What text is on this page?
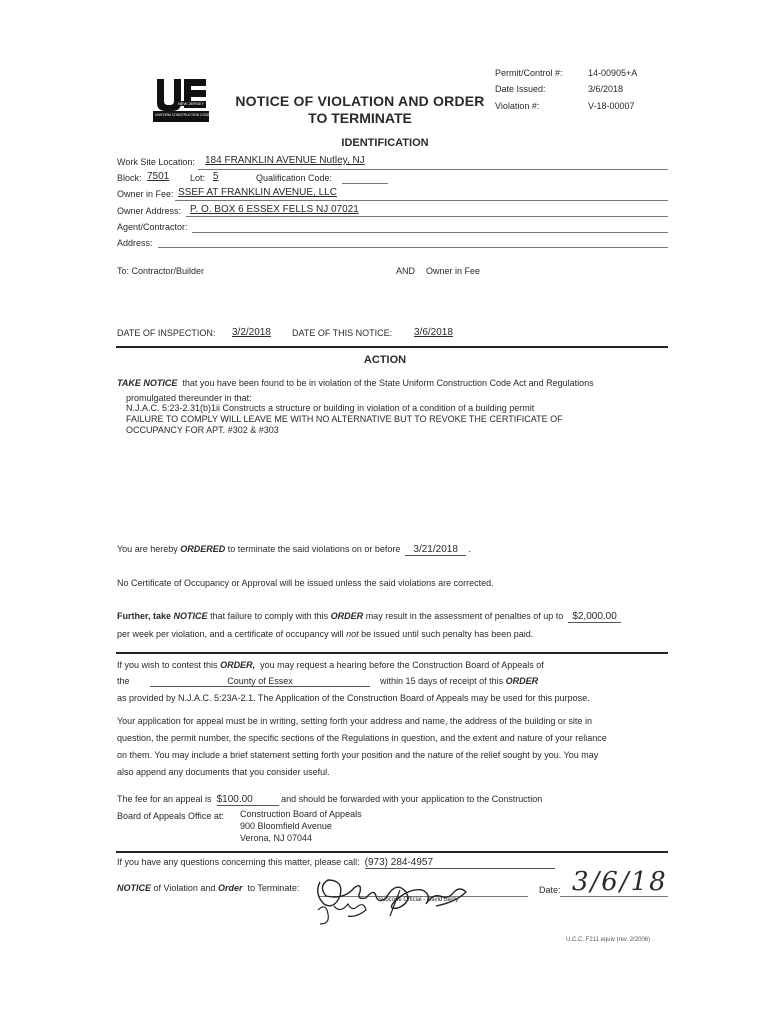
NEW JERSEY
UNIFORM CONSTRUCTION CODE
NOTICE OF VIOLATION AND ORDER
TO TERMINATE
Permit/Control #:	14-00905+A
Date Issued:	3/6/2018
Violation #:	V-18-00007
IDENTIFICATION
Work Site Location: 184 FRANKLIN AVENUE Nutley, NJ
Block: 7501 Lot: 5	Qualification Code:
Owner in Fee: SSEF AT FRANKLIN AVENUE, LLC
Owner Address: P. O. BOX 6 ESSEX FELLS NJ 07021
Agent/Contractor:
Address:
To: Contractor/Builder	AND Owner in Fee
DATE OF INSPECTION: 3/2/2018 DATE OF THIS NOTICE: 3/6/2018
ACTION
TAKE NOTICE that you have been found to be in violation of the State Uniform Construction Code Act and Regulations
promulgated thereunder in that:
N.J.A.C. 5:23-2.31(b)1ii Constructs a structure or building in violation of a condition of a building permit
FAILURE TO COMPLY WILL LEAVE ME WITH NO ALTERNATIVE BUT TO REVOKE THE CERTIFICATE OF
OCCUPANCY FOR APT. #302 & #303
You are hereby ORDERED to terminate the said violations on or before 3/21/2018 .
No Certificate of Occupancy or Approval will be issued unless the said violations are corrected.
Further, take NOTICE that failure to comply with this ORDER may result in the assessment of penalties of up to $2,000.00
per week per violation, and a certificate of occupancy will not be issued until such penalty has been paid.
If you wish to contest this ORDER, you may request a hearing before the Construction Board of Appeals of
the	County of Essex	within 15 days of receipt of this ORDER
as provided by N.J.A.C. 5:23A-2.1. The Application of the Construction Board of Appeals may be used for this purpose.
Your application for appeal must be in writing, setting forth your address and name, the address of the building or site in
question, the permit number, the specific sections of the Regulations in question, and the extent and nature of your reliance
on them. You may include a brief statement setting forth your position and the nature of the relief sought by you. You may
also append any documents that you consider useful.
The fee for an appeal is $100.00	and should be forwarded with your application to the Construction
Board of Appeals Office at: Construction Board of Appeals
900 Bloomfield Avenue
Verona, NJ 07044
If you have any questions concerning this matter, please call: (973) 284-4957
NOTICE of Violation and Order to Terminate:
Subcode Official - David Berry
Date: 3/6/18
U.C.C. F211 equiv (rev. 2/2006)
